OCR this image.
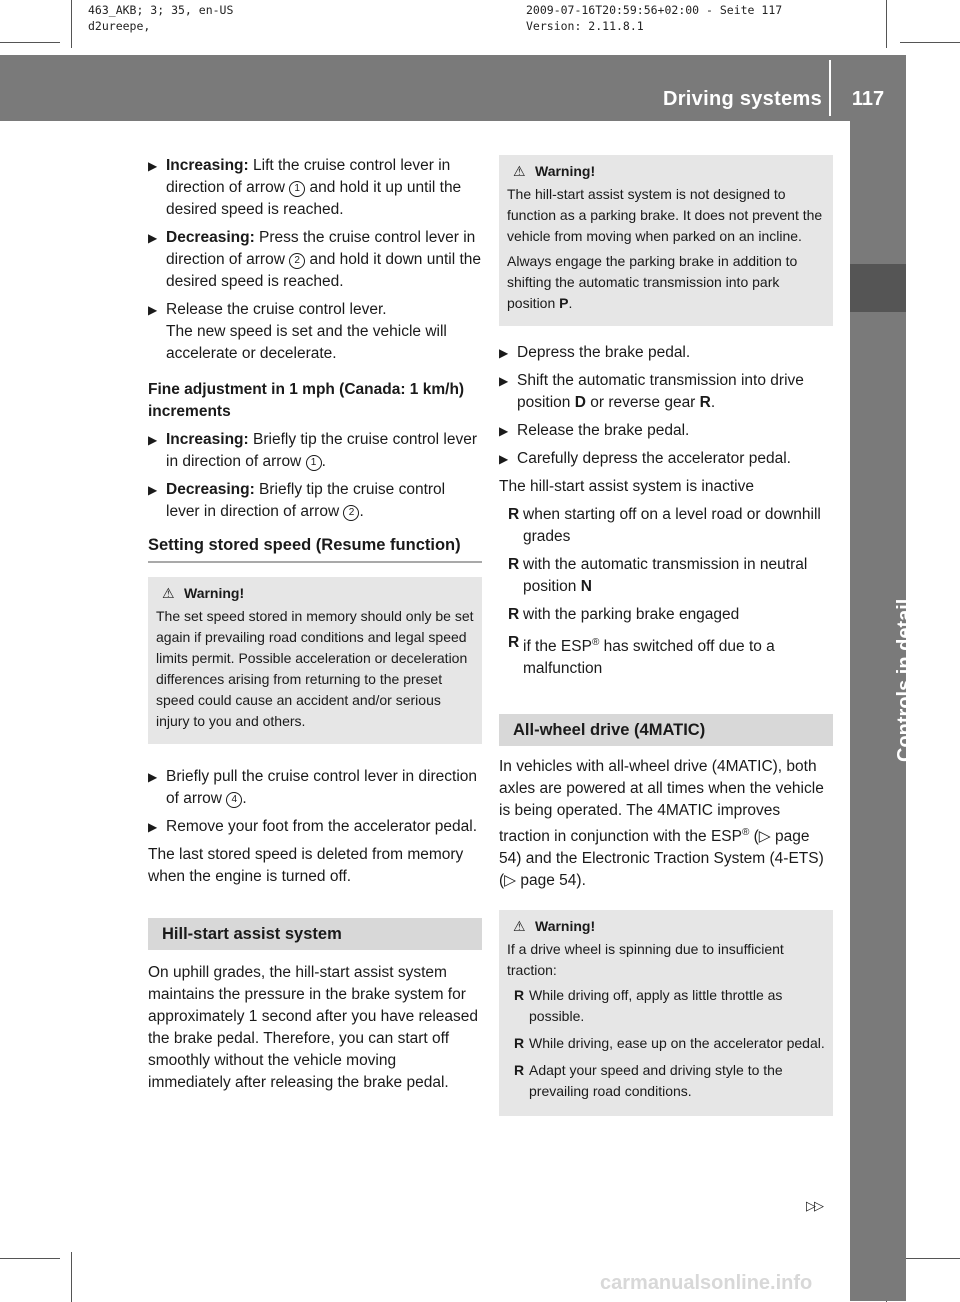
463_AKB; 3; 35, en-US
d2ureepe,
2009-07-16T20:59:56+02:00 - Seite 117
Version: 2.11.8.1
Driving systems	117
Controls in detail
▶ Increasing: Lift the cruise control lever in direction of arrow 1 and hold it up until the desired speed is reached.
▶ Decreasing: Press the cruise control lever in direction of arrow 2 and hold it down until the desired speed is reached.
▶ Release the cruise control lever.
The new speed is set and the vehicle will accelerate or decelerate.
Fine adjustment in 1 mph (Canada: 1 km/h) increments
▶ Increasing: Briefly tip the cruise control lever in direction of arrow 1 .
▶ Decreasing: Briefly tip the cruise control lever in direction of arrow 2 .
Setting stored speed (Resume function)
⚠ Warning!

The set speed stored in memory should only be set again if prevailing road conditions and legal speed limits permit. Possible acceleration or deceleration differences arising from returning to the preset speed could cause an accident and/or serious injury to you and others.

▶ Briefly pull the cruise control lever in direction of arrow 4 .
▶ Remove your foot from the accelerator pedal.

The last stored speed is deleted from memory when the engine is turned off.

Hill-start assist system

On uphill grades, the hill-start assist system maintains the pressure in the brake system for approximately 1 second after you have released the brake pedal. Therefore, you can start off smoothly without the vehicle moving immediately after releasing the brake pedal.

⚠ Warning!

The hill-start assist system is not designed to function as a parking brake. It does not prevent the vehicle from moving when parked on an incline.

Always engage the parking brake in addition to shifting the automatic transmission into park position P.

▶ Depress the brake pedal.
▶ Shift the automatic transmission into drive position D or reverse gear R.
▶ Release the brake pedal.
▶ Carefully depress the accelerator pedal.

The hill-start assist system is inactive

R when starting off on a level road or downhill grades
R with the automatic transmission in neutral position N
R with the parking brake engaged
R if the ESP® has switched off due to a malfunction
All-wheel drive (4MATIC)

In vehicles with all-wheel drive (4MATIC), both axles are powered at all times when the vehicle is being operated. The 4MATIC improves traction in conjunction with the ESP® (▷ page 54) and the Electronic Traction System (4-ETS) (▷ page 54).

⚠ Warning!

If a drive wheel is spinning due to insufficient traction:

R While driving off, apply as little throttle as possible.
R While driving, ease up on the accelerator pedal.
R Adapt your speed and driving style to the prevailing road conditions.
▷▷
carmanualsonline.info
